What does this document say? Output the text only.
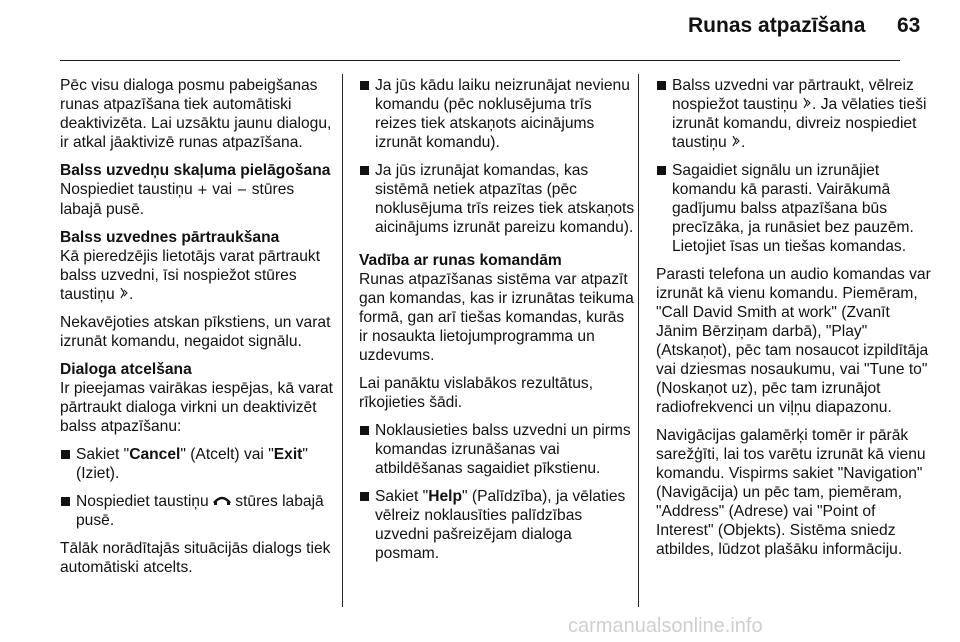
Runas atpazīšana 63

Pēc visu dialoga posmu pabeigšanas runas atpazīšana tiek automātiski deaktivizēta. Lai uzsāktu jaunu dialogu, ir atkal jāaktivizē runas atpazīšana.

Balss uzvedņu skaļuma pielāgošana
Nospiediet taustiņu + vai − stūres labajā pusē.

Balss uzvednes pārtraukšana
Kā pieredzējis lietotājs varat pārtraukt balss uzvedni, īsi nospiežot stūres taustiņu .

Nekavējoties atskan pīkstiens, un varat izrunāt komandu, negaidot signālu.

Dialoga atcelšana
Ir pieejamas vairākas iespējas, kā varat pārtraukt dialoga virkni un deaktivizēt balss atpazīšanu:
Sakiet "Cancel" (Atcelt) vai "Exit" (Iziet).
Nospiediet taustiņu  stūres labajā pusē.

Tālāk norādītajās situācijās dialogs tiek automātiski atcelts.

Ja jūs kādu laiku neizrunājat nevienu komandu (pēc noklusējuma trīs reizes tiek atskaņots aicinājums izrunāt komandu).
Ja jūs izrunājat komandas, kas sistēmā netiek atpazītas (pēc noklusējuma trīs reizes tiek atskaņots aicinājums izrunāt pareizu komandu).

Vadība ar runas komandām
Runas atpazīšanas sistēma var atpazīt gan komandas, kas ir izrunātas teikuma formā, gan arī tiešas komandas, kurās ir nosaukta lietojumprogramma un uzdevums.

Lai panāktu vislabākos rezultātus, rīkojieties šādi.

Noklausieties balss uzvedni un pirms komandas izrunāšanas vai atbildēšanas sagaidiet pīkstienu.
Sakiet "Help" (Palīdzība), ja vēlaties vēlreiz noklausīties palīdzības uzvedni pašreizējam dialoga posmam.
Balss uzvedni var pārtraukt, vēlreiz nospiežot taustiņu . Ja vēlaties tieši izrunāt komandu, divreiz nospiediet taustiņu .
Sagaidiet signālu un izrunājiet komandu kā parasti. Vairākumā gadījumu balss atpazīšana būs precīzāka, ja runāsiet bez pauzēm. Lietojiet īsas un tiešas komandas.

Parasti telefona un audio komandas var izrunāt kā vienu komandu. Piemēram, "Call David Smith at work" (Zvanīt Jānim Bērziņam darbā), "Play" (Atskaņot), pēc tam nosaucot izpildītāja vai dziesmas nosaukumu, vai "Tune to" (Noskaņot uz), pēc tam izrunājot radiofrekvenci un viļņu diapazonu.

Navigācijas galamērķi tomēr ir pārāk sarežģīti, lai tos varētu izrunāt kā vienu komandu. Vispirms sakiet "Navigation" (Navigācija) un pēc tam, piemēram, "Address" (Adrese) vai "Point of Interest" (Objekts). Sistēma sniedz atbildes, lūdzot plašāku informāciju.

carmanualsonline.info
